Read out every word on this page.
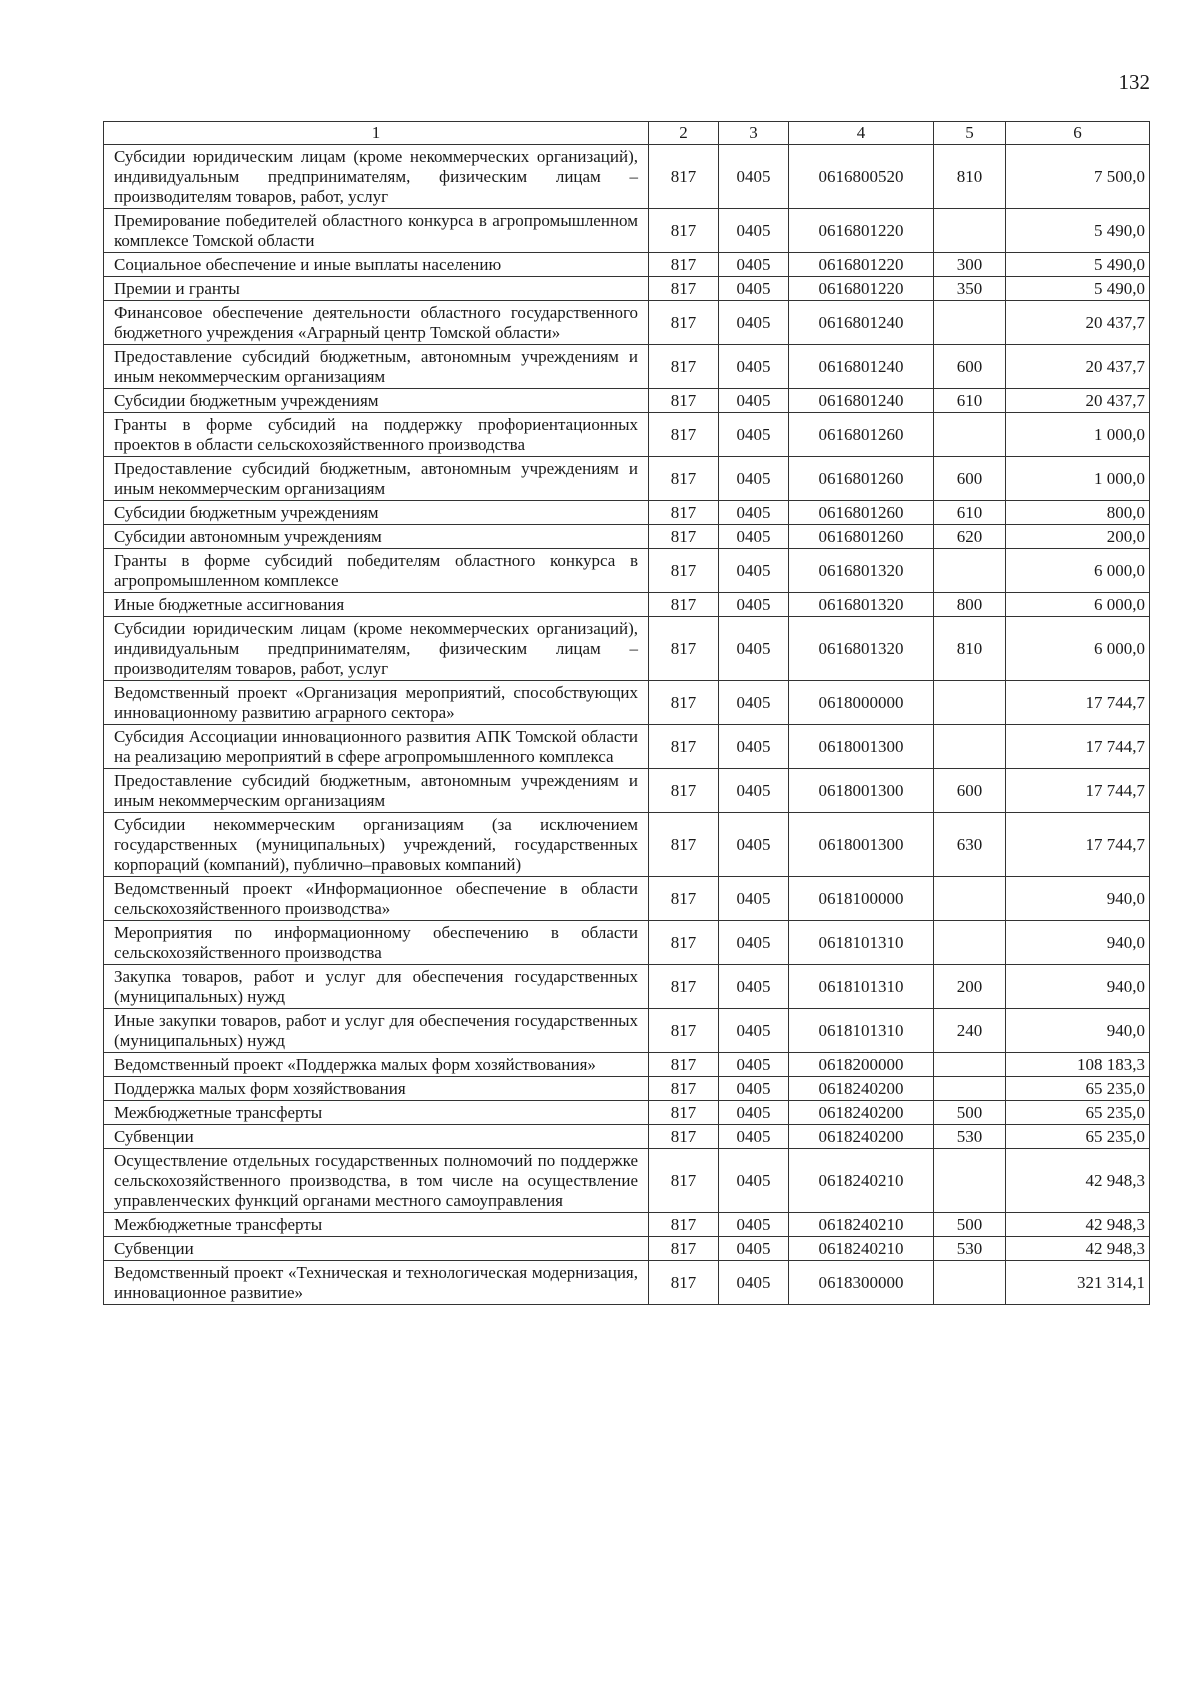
132
1	2	3	4	5	6
Субсидии юридическим лицам (кроме некоммерческих организаций), индивидуальным предпринимателям, физическим лицам – производителям товаров, работ, услуг	817	0405	0616800520	810	7 500,0
Премирование победителей областного конкурса в агропромышленном комплексе Томской области	817	0405	0616801220		5 490,0
Социальное обеспечение и иные выплаты населению	817	0405	0616801220	300	5 490,0
Премии и гранты	817	0405	0616801220	350	5 490,0
Финансовое обеспечение деятельности областного государственного бюджетного учреждения «Аграрный центр Томской области»	817	0405	0616801240		20 437,7
Предоставление субсидий бюджетным, автономным учреждениям и иным некоммерческим организациям	817	0405	0616801240	600	20 437,7
Субсидии бюджетным учреждениям	817	0405	0616801240	610	20 437,7
Гранты в форме субсидий на поддержку профориентационных проектов в области сельскохозяйственного производства	817	0405	0616801260		1 000,0
Предоставление субсидий бюджетным, автономным учреждениям и иным некоммерческим организациям	817	0405	0616801260	600	1 000,0
Субсидии бюджетным учреждениям	817	0405	0616801260	610	800,0
Субсидии автономным учреждениям	817	0405	0616801260	620	200,0
Гранты в форме субсидий победителям областного конкурса в агропромышленном комплексе	817	0405	0616801320		6 000,0
Иные бюджетные ассигнования	817	0405	0616801320	800	6 000,0
Субсидии юридическим лицам (кроме некоммерческих организаций), индивидуальным предпринимателям, физическим лицам – производителям товаров, работ, услуг	817	0405	0616801320	810	6 000,0
Ведомственный проект «Организация мероприятий, способствующих инновационному развитию аграрного сектора»	817	0405	0618000000		17 744,7
Субсидия Ассоциации инновационного развития АПК Томской области на реализацию мероприятий в сфере агропромышленного комплекса	817	0405	0618001300		17 744,7
Предоставление субсидий бюджетным, автономным учреждениям и иным некоммерческим организациям	817	0405	0618001300	600	17 744,7
Субсидии некоммерческим организациям (за исключением государственных (муниципальных) учреждений, государственных корпораций (компаний), публично–правовых компаний)	817	0405	0618001300	630	17 744,7
Ведомственный проект «Информационное обеспечение в области сельскохозяйственного производства»	817	0405	0618100000		940,0
Мероприятия по информационному обеспечению в области сельскохозяйственного производства	817	0405	0618101310		940,0
Закупка товаров, работ и услуг для обеспечения государственных (муниципальных) нужд	817	0405	0618101310	200	940,0
Иные закупки товаров, работ и услуг для обеспечения государственных (муниципальных) нужд	817	0405	0618101310	240	940,0
Ведомственный проект «Поддержка малых форм хозяйствования»	817	0405	0618200000		108 183,3
Поддержка малых форм хозяйствования	817	0405	0618240200		65 235,0
Межбюджетные трансферты	817	0405	0618240200	500	65 235,0
Субвенции	817	0405	0618240200	530	65 235,0
Осуществление отдельных государственных полномочий по поддержке сельскохозяйственного производства, в том числе на осуществление управленческих функций органами местного самоуправления	817	0405	0618240210		42 948,3
Межбюджетные трансферты	817	0405	0618240210	500	42 948,3
Субвенции	817	0405	0618240210	530	42 948,3
Ведомственный проект «Техническая и технологическая модернизация, инновационное развитие»	817	0405	0618300000		321 314,1
